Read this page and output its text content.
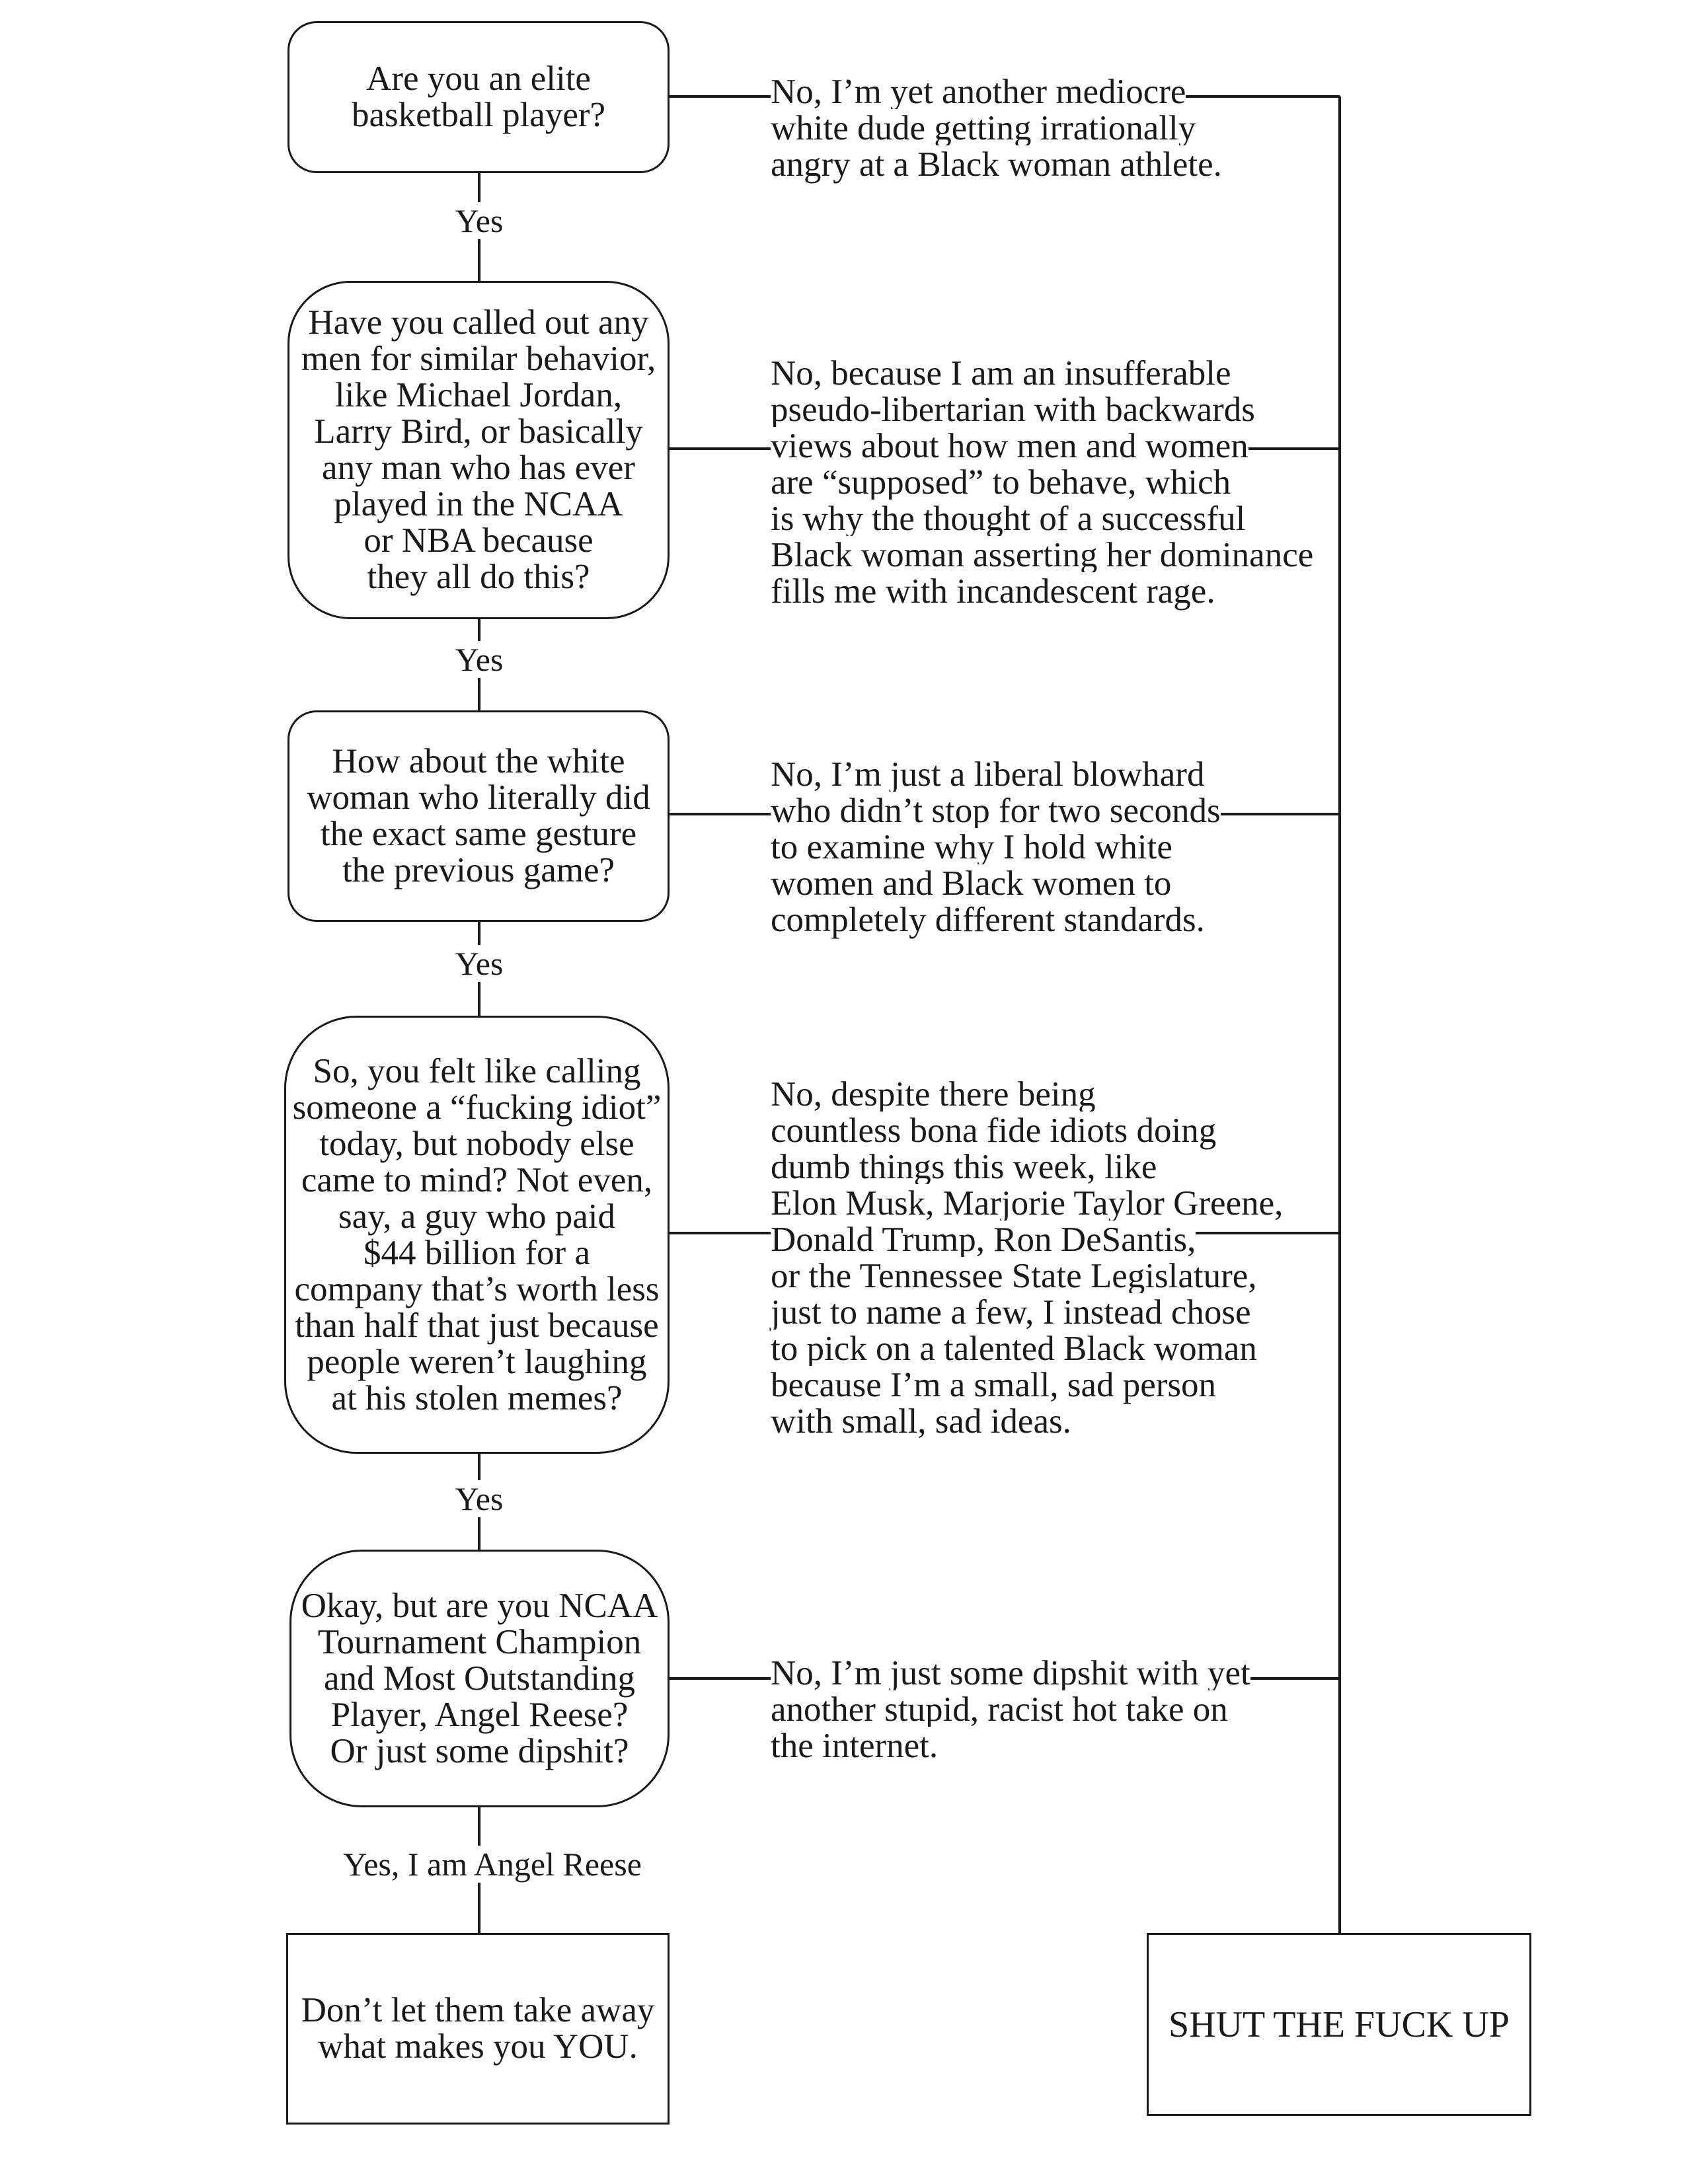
Are you an elite
basketball player?
Have you called out any
men for similar behavior,
like Michael Jordan,
Larry Bird, or basically
any man who has ever
played in the NCAA
or NBA because
they all do this?
How about the white
woman who literally did
the exact same gesture
the previous game?
So, you felt like calling
someone a “fucking idiot”
today, but nobody else
came to mind? Not even,
say, a guy who paid
$44 billion for a
company that’s worth less
than half that just because
people weren’t laughing
at his stolen memes?
Okay, but are you NCAA
Tournament Champion
and Most Outstanding
Player, Angel Reese?
Or just some dipshit?
Yes
Yes
Yes
Yes
Yes, I am Angel Reese

No, I’m yet another mediocre
white dude getting irrationally
angry at a Black woman athlete.

No, because I am an insufferable
pseudo-libertarian with backwards
views about how men and women
are “supposed” to behave, which
is why the thought of a successful
Black woman asserting her dominance
fills me with incandescent rage.

No, I’m just a liberal blowhard
who didn’t stop for two seconds
to examine why I hold white
women and Black women to
completely different standards.

No, despite there being
countless bona fide idiots doing
dumb things this week, like
Elon Musk, Marjorie Taylor Greene,
Donald Trump, Ron DeSantis,
or the Tennessee State Legislature,
just to name a few, I instead chose
to pick on a talented Black woman
because I’m a small, sad person
with small, sad ideas.

No, I’m just some dipshit with yet
another stupid, racist hot take on
the internet.

Don’t let them take away
what makes you YOU.
SHUT THE FUCK UP
